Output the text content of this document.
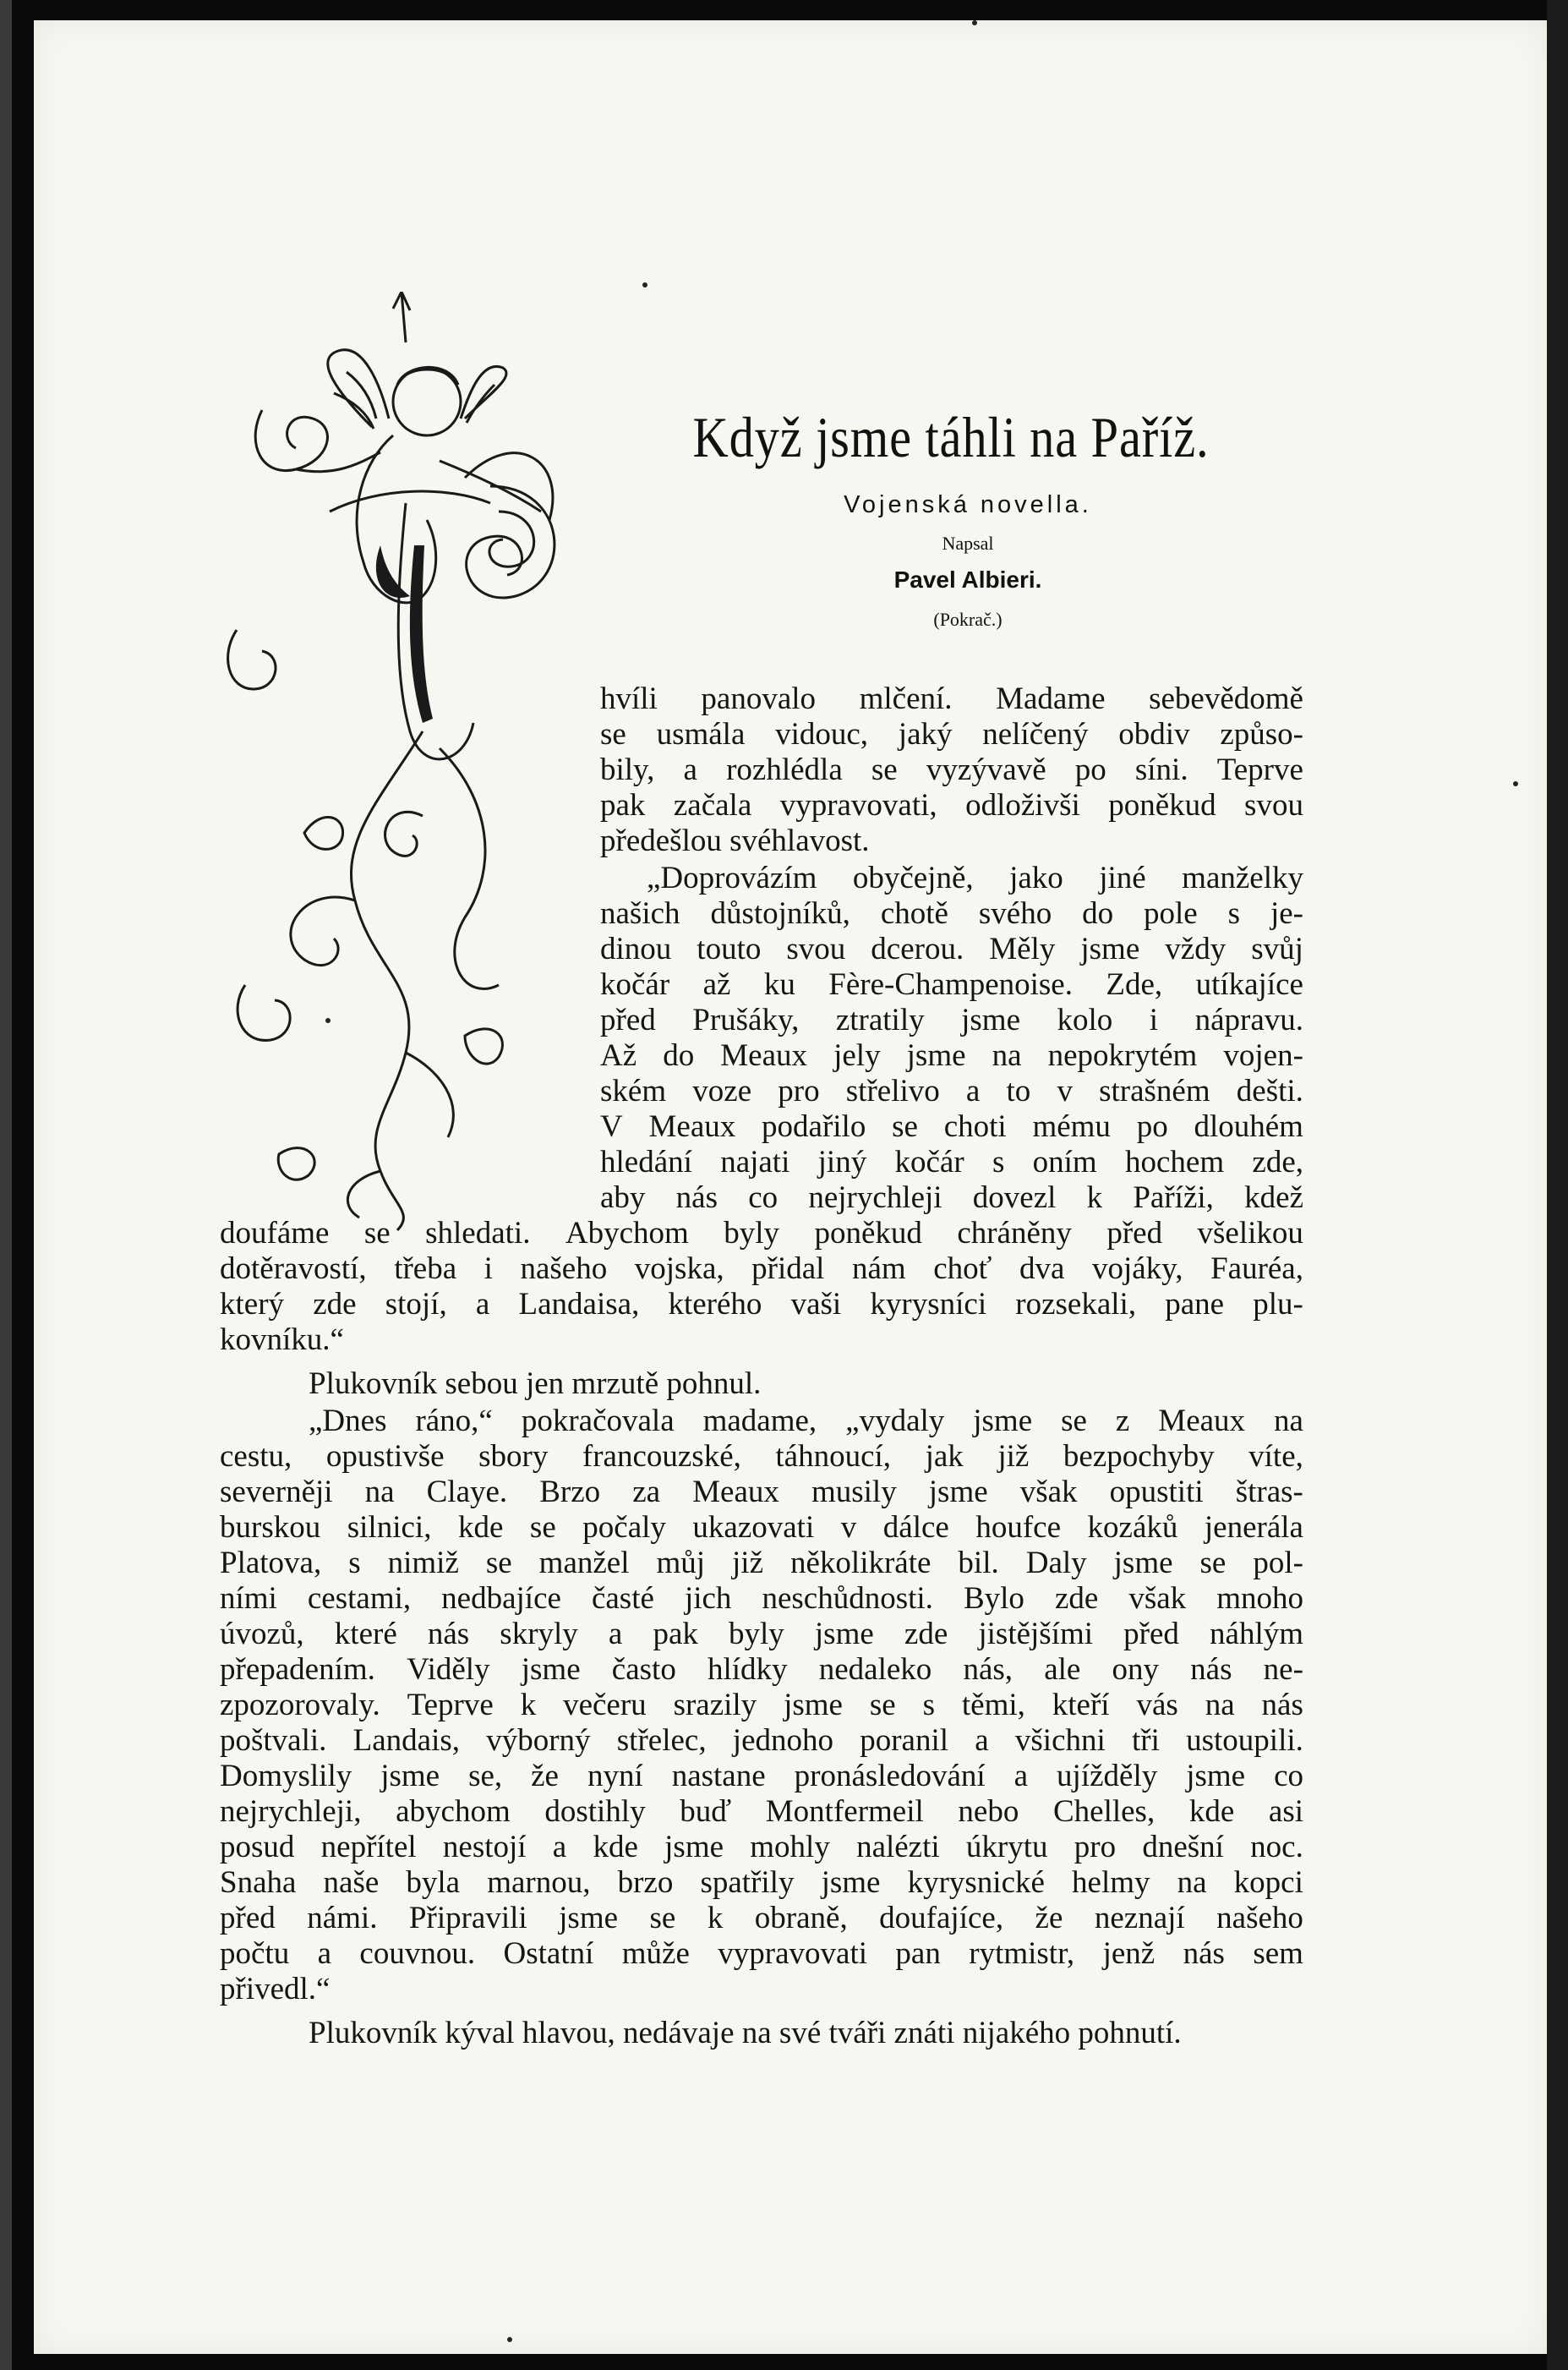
Když jsme táhli na Paříž.
Vojenská novella.
Napsal
Pavel Albieri.
(Pokrač.)
hvíli panovalo mlčení. Madame sebevědomě
se usmála vidouc, jaký nelíčený obdiv způso-
bily, a rozhlédla se vyzývavě po síni. Teprve
pak začala vypravovati, odloživši poněkud svou
předešlou svéhlavost.
„Doprovázím obyčejně, jako jiné manželky
našich důstojníků, chotě svého do pole s je-
dinou touto svou dcerou. Měly jsme vždy svůj
kočár až ku Fère-Champenoise. Zde, utíkajíce
před Prušáky, ztratily jsme kolo i nápravu.
Až do Meaux jely jsme na nepokrytém vojen-
ském voze pro střelivo a to v strašném dešti.
V Meaux podařilo se choti mému po dlouhém
hledání najati jiný kočár s oním hochem zde,
aby nás co nejrychleji dovezl k Paříži, kdež
doufáme se shledati. Abychom byly poněkud chráněny před všelikou
dotěravostí, třeba i našeho vojska, přidal nám choť dva vojáky, Fauréa,
který zde stojí, a Landaisa, kterého vaši kyrysníci rozsekali, pane plu-
kovníku.“
Plukovník sebou jen mrzutě pohnul.
„Dnes ráno,“ pokračovala madame, „vydaly jsme se z Meaux na
cestu, opustivše sbory francouzské, táhnoucí, jak již bezpochyby víte,
severněji na Claye. Brzo za Meaux musily jsme však opustiti štras-
burskou silnici, kde se počaly ukazovati v dálce houfce kozáků jenerála
Platova, s nimiž se manžel můj již několikráte bil. Daly jsme se pol-
ními cestami, nedbajíce časté jich neschůdnosti. Bylo zde však mnoho
úvozů, které nás skryly a pak byly jsme zde jistějšími před náhlým
přepadením. Viděly jsme často hlídky nedaleko nás, ale ony nás ne-
zpozorovaly. Teprve k večeru srazily jsme se s těmi, kteří vás na nás
poštvali. Landais, výborný střelec, jednoho poranil a všichni tři ustoupili.
Domyslily jsme se, že nyní nastane pronásledování a ujížděly jsme co
nejrychleji, abychom dostihly buď Montfermeil nebo Chelles, kde asi
posud nepřítel nestojí a kde jsme mohly nalézti úkrytu pro dnešní noc.
Snaha naše byla marnou, brzo spatřily jsme kyrysnické helmy na kopci
před námi. Připravili jsme se k obraně, doufajíce, že neznají našeho
počtu a couvnou. Ostatní může vypravovati pan rytmistr, jenž nás sem
přivedl.“
Plukovník kýval hlavou, nedávaje na své tváři znáti nijakého pohnutí.
